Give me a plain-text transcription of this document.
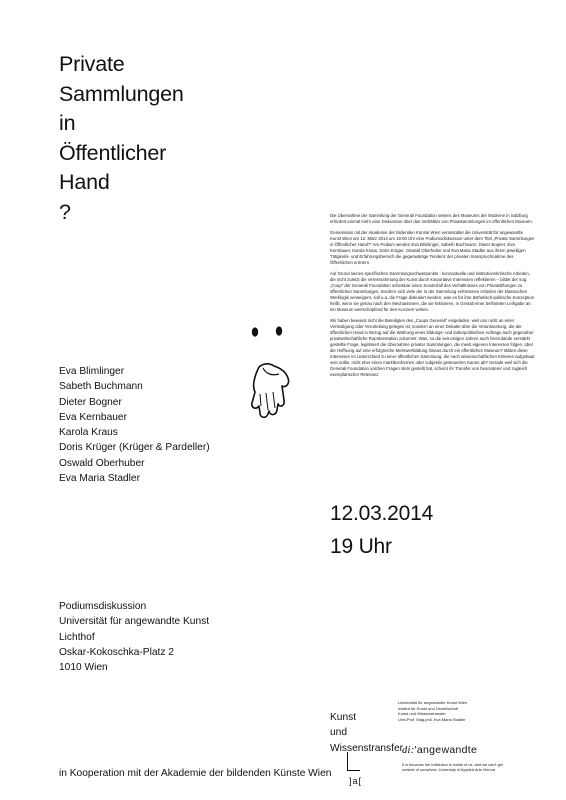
Private
Sammlungen
in
Öffentlicher
Hand
?	Die Übernahme der Sammlung der Generali Foundation seitens des Museums der Moderne in Salzburg erfordert einmal mehr eine Diskussion über das Verhältnis von Privatsammlungen im öffentlichen Museum.

Gemeinsam mit der Akademie der bildenden Künste Wien veranstaltet die Universität für angewandte Kunst Wien am 12. März 2014 um 19:00 Uhr eine Podiumsdiskussion unter dem Titel „Private Sammlungen in Öffentlicher Hand?“ Am Podium werden Eva Blimlinger, Sabeth Buchmann, Dieter Bogner, Eva Kernbauer, Karola Kraus, Doris Krüger, Oswald Oberhuber und Eva Maria Stadler aus ihrem jeweiligen Tätigkeits- und Erfahrungsbereich die gegenwärtige Tendenz der privaten Inanspruchnahme des Öffentlichen erörtern.

Auf Grund seines spezifischen Sammlungsschwerpunkts - konzeptuelle und institutionskritische Arbeiten, die nicht zuletzt die Vereinnahmung der Kunst durch korporative Interessen reflektieren – bildet der sog. „Coup“ der Generali Foundation scheinbar einen Sonderfall des Verhältnisses von Privatstiftungen zu öffentlichen Sammlungen. Insofern sich viele der in der Sammlung vertretenen Arbeiten der klassischen Werklogik verweigern, soll u.a. die Frage diskutiert werden, was es für ihre ästhetisch-politische Konzeption heißt, wenn sie genau nach den Mechanismen, die sie kritisieren, in Gestalt einer befristeten Leihgabe an ein Museum wertschöpfend für den Konzern wirken.

Wir haben bewusst nicht die Beteiligten des „Coups Generali“ eingeladen, weil uns nicht an einer Verteidigung oder Verurteilung gelegen ist, sondern an einer Debatte über die Verantwortung, die der öffentlichen Hand in Bezug auf die Wahrung eines bildungs- und kulturpolitischen Auftrags auch gegenüber privatwirtschaftliche Repräsentation zukommt: Was, so die seit einigen Jahren auch hierzulande verstärkt gestellte Frage, legitimiert die Übernahme privater Sammlungen, die meist eigenen Interessen folgen, über die Hoffnung auf eine erfolgreiche Mehrwertbildung hinaus durch ein öffentliches Museum? Bilden diese Interessen im Unterschied zu einer öffentlichen Sammlung, die nach wissenschaftlichen Kriterien aufgebaut sein sollte, nicht eher einen marktkonformen oder subjektiv gesteuerten Kanon ab? Gerade weil sich die Generali Foundation solchen Fragen stets gestellt hat, scheint ihr Transfer von besonderer und zugleich exemplarischer Relevanz.

Eva Blimlinger
Sabeth Buchmann
Dieter Bogner
Eva Kernbauer
Karola Kraus
Doris Krüger (Krüger & Pardeller)
Oswald Oberhuber
Eva Maria Stadler
12.03.2014
19 Uhr
Podiumsdiskussion
Universität für angewandte Kunst
Lichthof
Oskar-Kokoschka-Platz 2
1010 Wien
Kunst
und
Wissenstransfer
Universität für angewandte Kunst Wien
Institut für Kunst und Gesellschaft
Kunst und Wissenstransfer
Univ.Prof. Mag.phil. Eva Maria Stadler
di:'angewandte
It is because the institution is inside of us, and we can't get
outside of ourselves. University of Applied Arts Vienna
]a[
in Kooperation mit der Akademie der bildenden Künste Wien
